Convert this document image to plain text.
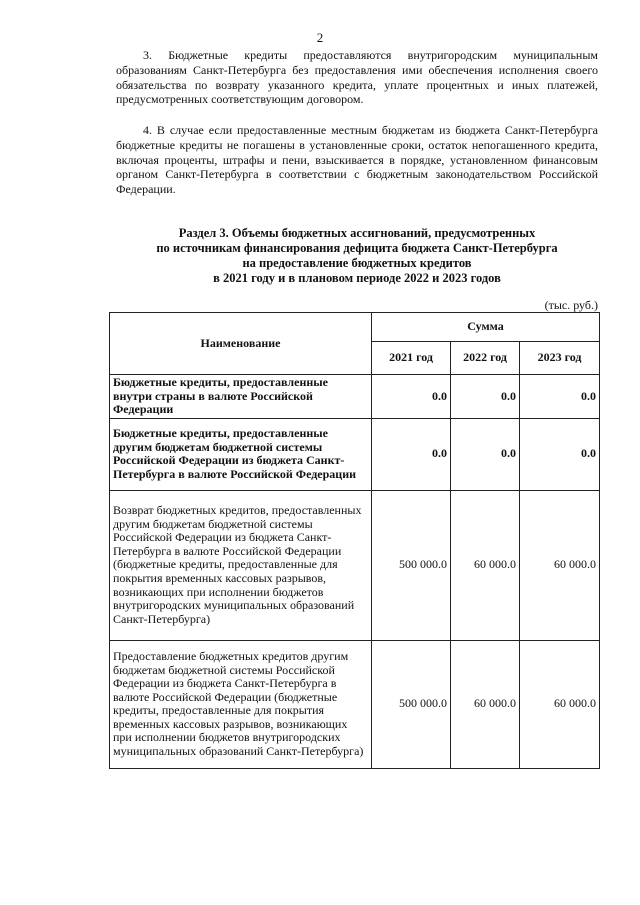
2

3. Бюджетные кредиты предоставляются внутригородским муниципальным образованиям Санкт-Петербурга без предоставления ими обеспечения исполнения своего обязательства по возврату указанного кредита, уплате процентных и иных платежей, предусмотренных соответствующим договором.

4. В случае если предоставленные местным бюджетам из бюджета Санкт-Петербурга бюджетные кредиты не погашены в установленные сроки, остаток непогашенного кредита, включая проценты, штрафы и пени, взыскивается в порядке, установленном финансовым органом Санкт-Петербурга в соответствии с бюджетным законодательством Российской Федерации.

Раздел 3. Объемы бюджетных ассигнований, предусмотренных
по источникам финансирования дефицита бюджета Санкт-Петербурга
на предоставление бюджетных кредитов
в 2021 году и в плановом периоде 2022 и 2023 годов
(тыс. руб.)
Наименование	Сумма		
	2021 год	2022 год	2023 год
Бюджетные кредиты, предоставленные внутри страны в валюте Российской Федерации	0.0	0.0	0.0
Бюджетные кредиты, предоставленные другим бюджетам бюджетной системы Российской Федерации из бюджета Санкт-Петербурга в валюте Российской Федерации	0.0	0.0	0.0
Возврат бюджетных кредитов, предоставленных другим бюджетам бюджетной системы Российской Федерации из бюджета Санкт-Петербурга в валюте Российской Федерации (бюджетные кредиты, предоставленные для покрытия временных кассовых разрывов, возникающих при исполнении бюджетов внутригородских муниципальных образований Санкт-Петербурга)	500 000.0	60 000.0	60 000.0
Предоставление бюджетных кредитов другим бюджетам бюджетной системы Российской Федерации из бюджета Санкт-Петербурга в валюте Российской Федерации (бюджетные кредиты, предоставленные для покрытия временных кассовых разрывов, возникающих при исполнении бюджетов внутригородских муниципальных образований Санкт-Петербурга)	500 000.0	60 000.0	60 000.0
